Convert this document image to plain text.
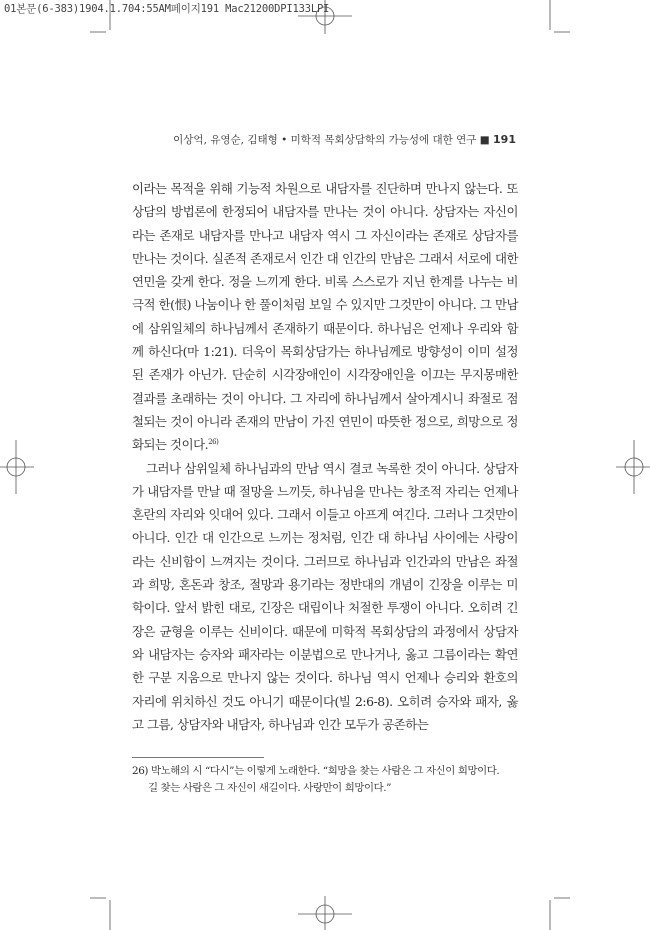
01본문(6-383)1904.1.704:55AM페이지191 Mac21200DPI133LPI
이상억, 유영순, 김태형 • 미학적 목회상담학의 가능성에 대한 연구 ■ 191

이라는 목적을 위해 기능적 차원으로 내담자를 진단하며 만나지 않는다. 또 상담의 방법론에 한정되어 내담자를 만나는 것이 아니다. 상담자는 자신이라는 존재로 내담자를 만나고 내담자 역시 그 자신이라는 존재로 상담자를 만나는 것이다. 실존적 존재로서 인간 대 인간의 만남은 그래서 서로에 대한 연민을 갖게 한다. 정을 느끼게 한다. 비록 스스로가 지닌 한계를 나누는 비극적 한(恨) 나눔이나 한 풀이처럼 보일 수 있지만 그것만이 아니다. 그 만남에 삼위일체의 하나님께서 존재하기 때문이다. 하나님은 언제나 우리와 함께 하신다(마 1:21). 더욱이 목회상담가는 하나님께로 방향성이 이미 설정된 존재가 아닌가. 단순히 시각장애인이 시각장애인을 이끄는 무지몽매한 결과를 초래하는 것이 아니다. 그 자리에 하나님께서 살아계시니 좌절로 점철되는 것이 아니라 존재의 만남이 가진 연민이 따뜻한 정으로, 희망으로 정화되는 것이다.$^{26)}$

그러나 삼위일체 하나님과의 만남 역시 결코 녹록한 것이 아니다. 상담자가 내담자를 만날 때 절망을 느끼듯, 하나님을 만나는 창조적 자리는 언제나 혼란의 자리와 잇대어 있다. 그래서 이들고 아프게 여긴다. 그러나 그것만이 아니다. 인간 대 인간으로 느끼는 정처럼, 인간 대 하나님 사이에는 사랑이라는 신비함이 느껴지는 것이다. 그러므로 하나님과 인간과의 만남은 좌절과 희망, 혼돈과 창조, 절망과 용기라는 정반대의 개념이 긴장을 이루는 미학이다. 앞서 밝힌 대로, 긴장은 대립이나 처절한 투쟁이 아니다. 오히려 긴장은 균형을 이루는 신비이다. 때문에 미학적 목회상담의 과정에서 상담자와 내담자는 승자와 패자라는 이분법으로 만나거나, 옳고 그름이라는 확연한 구분 지움으로 만나지 않는 것이다. 하나님 역시 언제나 승리와 환호의 자리에 위치하신 것도 아니기 때문이다(빌 2:6-8). 오히려 승자와 패자, 옳고 그름, 상담자와 내담자, 하나님과 인간 모두가 공존하는

26) 박노해의 시 “다시”는 이렇게 노래한다. “희망을 찾는 사람은 그 자신이 희망이다.
길 찾는 사람은 그 자신이 새길이다. 사랑만이 희망이다.”
